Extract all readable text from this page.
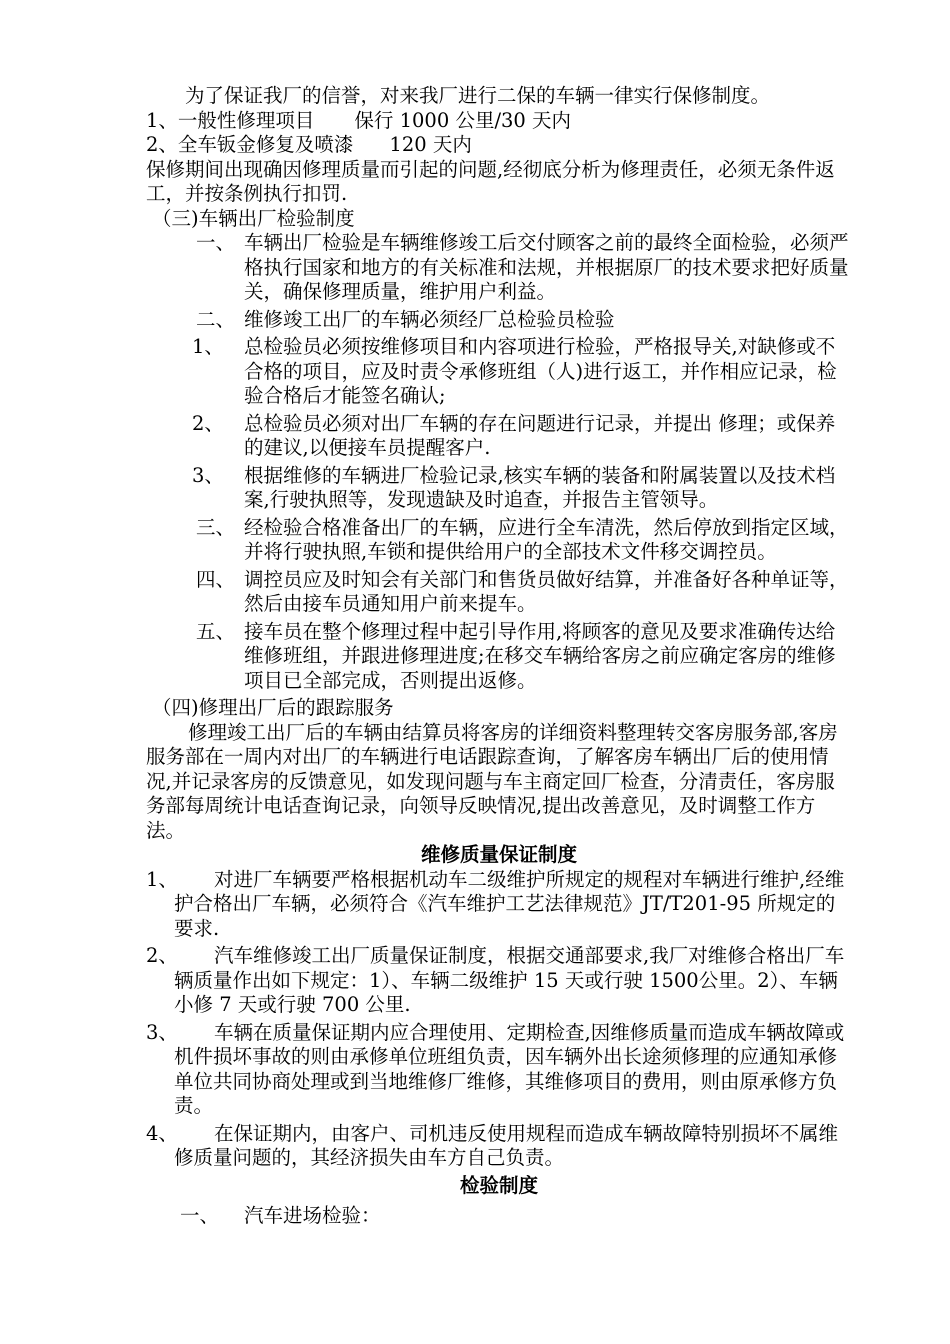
为了保证我厂的信誉，对来我厂进行二保的车辆一律实行保修制度。

1、一般性修理项目 保行 1000 公里/30 天内

2、全车钣金修复及喷漆 120 天内

保修期间出现确因修理质量而引起的问题,经彻底分析为修理责任，必须无条件返工，并按条例执行扣罚.

（三)车辆出厂检验制度

一、 车辆出厂检验是车辆维修竣工后交付顾客之前的最终全面检验，必须严格执行国家和地方的有关标准和法规，并根据原厂的技术要求把好质量关，确保修理质量，维护用户利益。
二、 维修竣工出厂的车辆必须经厂总检验员检验
1、 总检验员必须按维修项目和内容项进行检验，严格报导关,对缺修或不合格的项目，应及时责令承修班组（人)进行返工，并作相应记录，检验合格后才能签名确认;
2、 总检验员必须对出厂车辆的存在问题进行记录，并提出 修理；或保养的建议,以便接车员提醒客户.
3、 根据维修的车辆进厂检验记录,核实车辆的装备和附属装置以及技术档案,行驶执照等，发现遗缺及时追查，并报告主管领导。
三、 经检验合格准备出厂的车辆，应进行全车清洗，然后停放到指定区域，并将行驶执照,车锁和提供给用户的全部技术文件移交调控员。
四、 调控员应及时知会有关部门和售货员做好结算，并准备好各种单证等，然后由接车员通知用户前来提车。
五、 接车员在整个修理过程中起引导作用,将顾客的意见及要求准确传达给维修班组，并跟进修理进度;在移交车辆给客房之前应确定客房的维修项目已全部完成，否则提出返修。

（四)修理出厂后的跟踪服务

修理竣工出厂后的车辆由结算员将客房的详细资料整理转交客房服务部,客房服务部在一周内对出厂的车辆进行电话跟踪查询，了解客房车辆出厂后的使用情况,并记录客房的反馈意见，如发现问题与车主商定回厂检查，分清责任，客房服务部每周统计电话查询记录，向领导反映情况,提出改善意见，及时调整工作方法。

维修质量保证制度

1、 对进厂车辆要严格根据机动车二级维护所规定的规程对车辆进行维护,经维护合格出厂车辆，必须符合《汽车维护工艺法律规范》JT/T201-95 所规定的要求.
2、 汽车维修竣工出厂质量保证制度，根据交通部要求,我厂对维修合格出厂车辆质量作出如下规定：1）、车辆二级维护 15 天或行驶 1500公里。2）、车辆小修 7 天或行驶 700 公里.
3、 车辆在质量保证期内应合理使用、定期检查,因维修质量而造成车辆故障或机件损坏事故的则由承修单位班组负责，因车辆外出长途须修理的应通知承修单位共同协商处理或到当地维修厂维修，其维修项目的费用，则由原承修方负责。
4、 在保证期内，由客户、司机违反使用规程而造成车辆故障特别损坏不属维修质量问题的，其经济损失由车方自己负责。

检验制度

一、 汽车进场检验：
